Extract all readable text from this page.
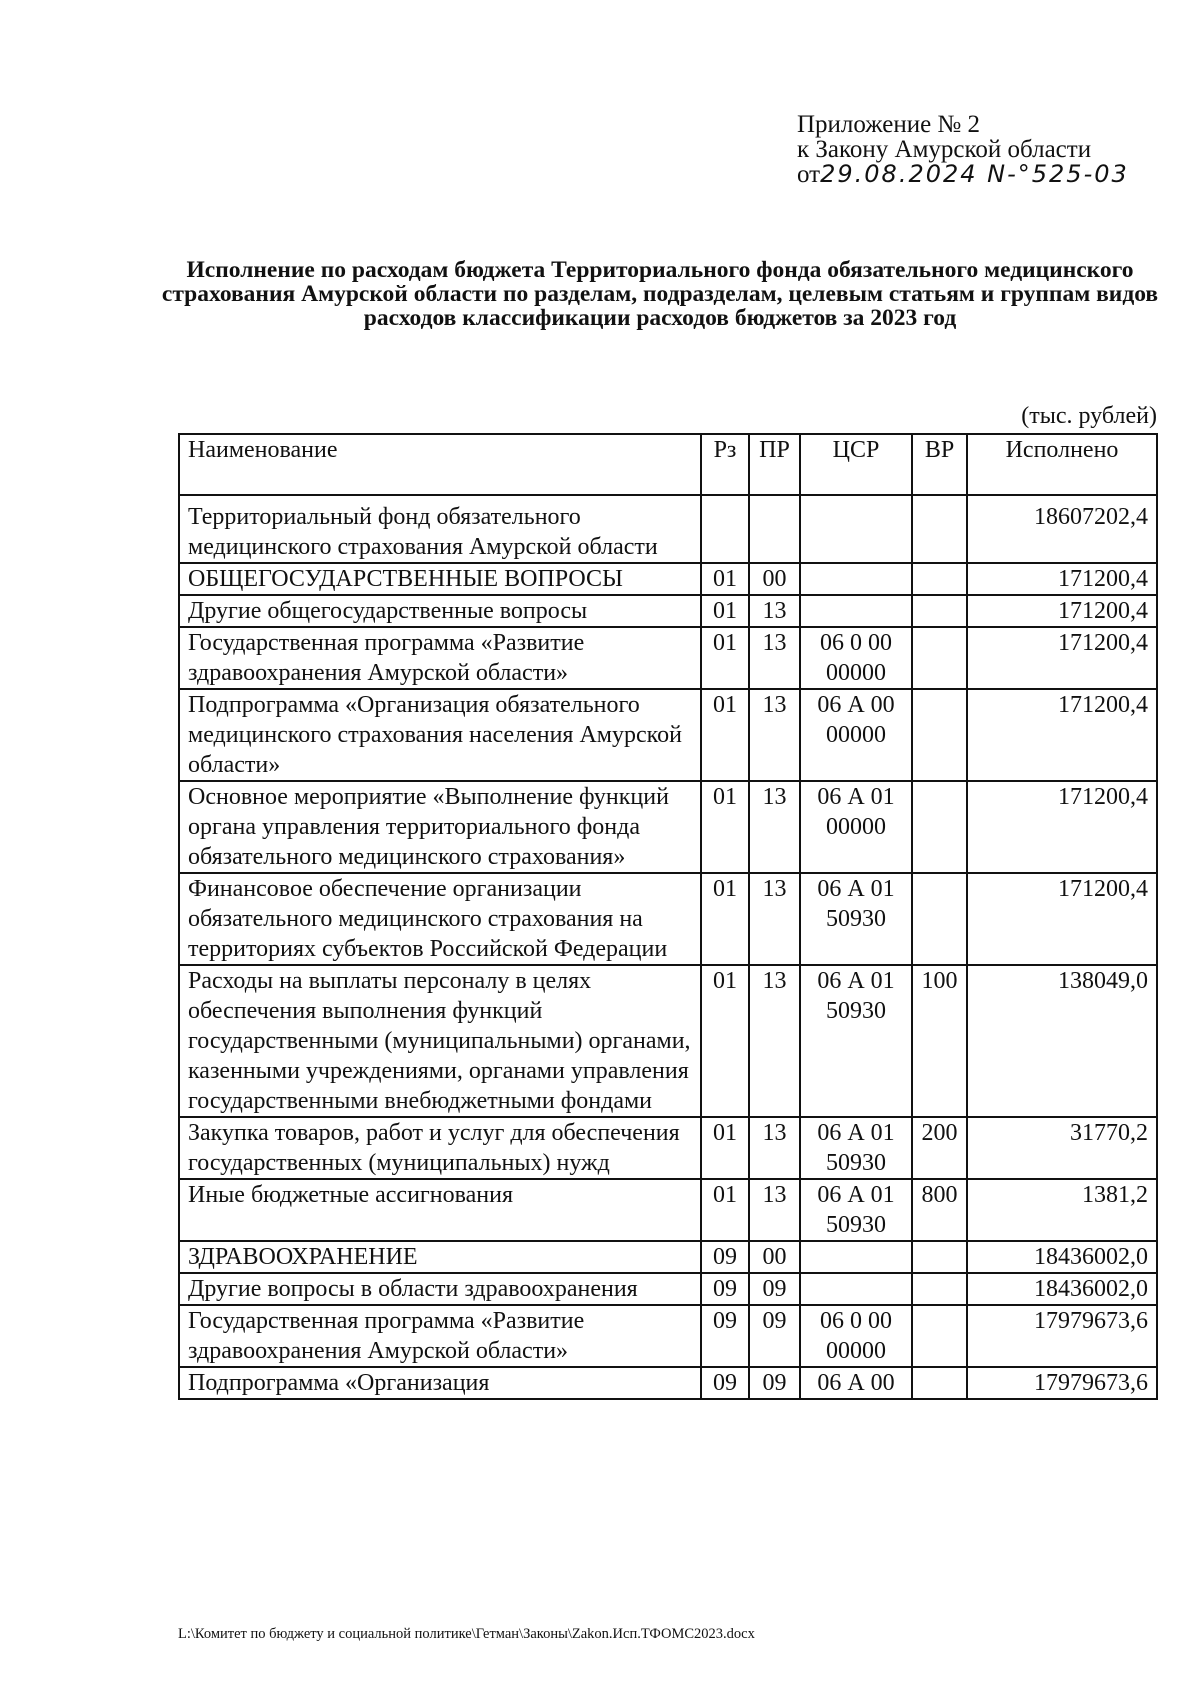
Приложение № 2
к Закону Амурской области
от29.08.2024 N-°525-03
Исполнение по расходам бюджета Территориального фонда обязательного медицинского страхования Амурской области по разделам, подразделам, целевым статьям и группам видов расходов классификации расходов бюджетов за 2023 год
(тыс. рублей)
Наименование	Рз	ПР	ЦСР	ВР	Исполнено
Территориальный фонд обязательного медицинского страхования Амурской области					18607202,4
ОБЩЕГОСУДАРСТВЕННЫЕ ВОПРОСЫ	01	00			171200,4
Другие общегосударственные вопросы	01	13			171200,4
Государственная программа «Развитие здравоохранения Амурской области»	01	13	06 0 00 00000		171200,4
Подпрограмма «Организация обязательного медицинского страхования населения Амурской области»	01	13	06 А 00 00000		171200,4
Основное мероприятие «Выполнение функций органа управления территориального фонда обязательного медицинского страхования»	01	13	06 А 01 00000		171200,4
Финансовое обеспечение организации обязательного медицинского страхования на территориях субъектов Российской Федерации	01	13	06 А 01 50930		171200,4
Расходы на выплаты персоналу в целях обеспечения выполнения функций государственными (муниципальными) органами, казенными учреждениями, органами управления государственными внебюджетными фондами	01	13	06 А 01 50930	100	138049,0
Закупка товаров, работ и услуг для обеспечения государственных (муниципальных) нужд	01	13	06 А 01 50930	200	31770,2
Иные бюджетные ассигнования	01	13	06 А 01 50930	800	1381,2
ЗДРАВООХРАНЕНИЕ	09	00			18436002,0
Другие вопросы в области здравоохранения	09	09			18436002,0
Государственная программа «Развитие здравоохранения Амурской области»	09	09	06 0 00 00000		17979673,6
Подпрограмма «Организация	09	09	06 А 00		17979673,6
L:\Комитет по бюджету и социальной политике\Гетман\Законы\Zakon.Исп.ТФОМС2023.docx
